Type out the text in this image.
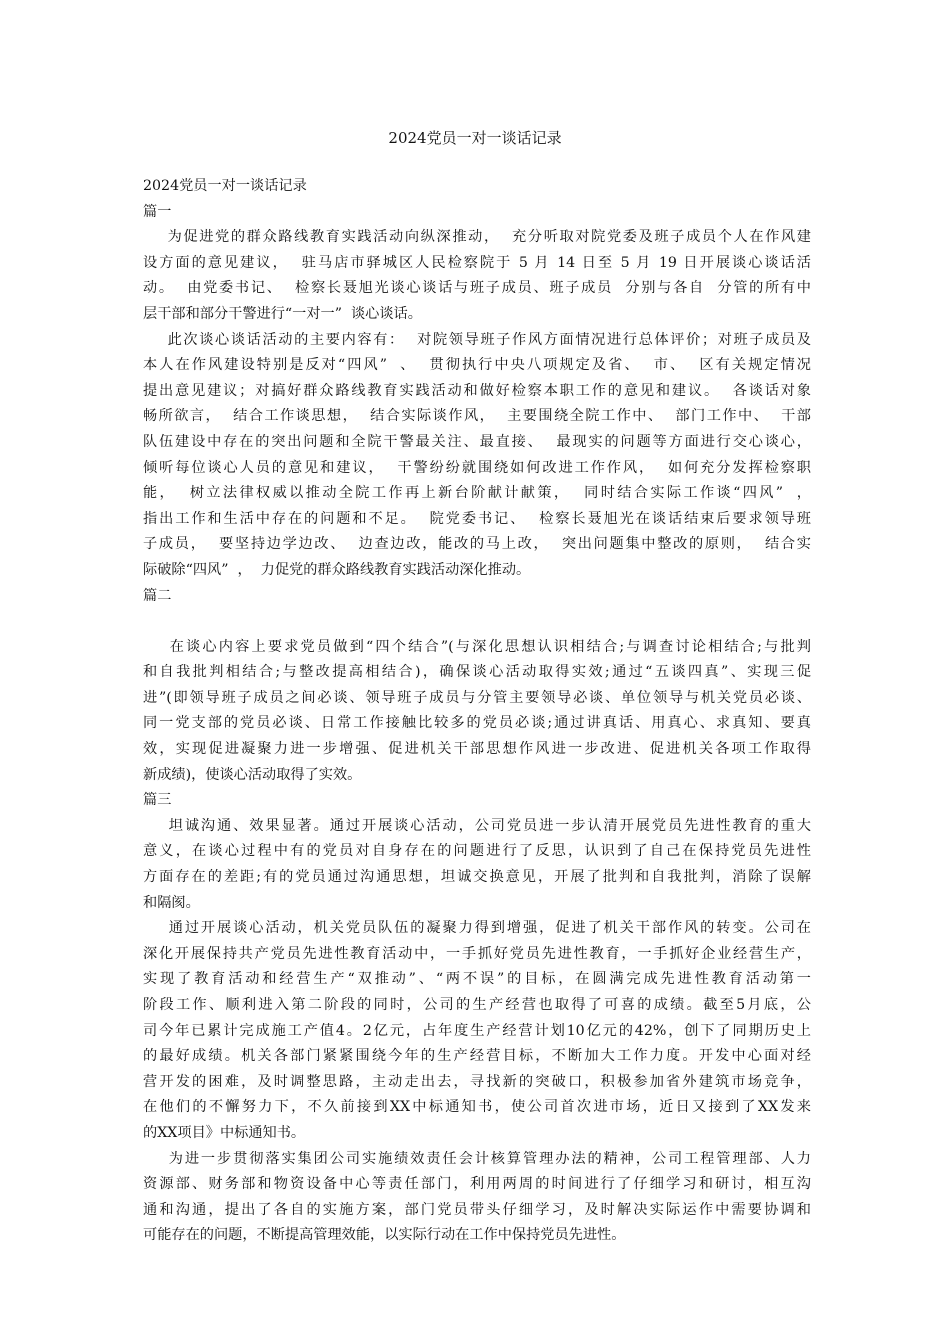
2024党员一对一谈话记录
2024党员一对一谈话记录
篇一
为促进党的群众路线教育实践活动向纵深推动，  充分听取对院党委及班子成员个人在作风建
设方面的意见建议，  驻马店市驿城区人民检察院于 5 月 14 日至 5 月 19 日开展谈心谈话活
动。  由党委书记、  检察长聂旭光谈心谈话与班子成员、班子成员  分别与各自  分管的所有中
层干部和部分干警进行“一对一”  谈心谈话。
此次谈心谈话活动的主要内容有：  对院领导班子作风方面情况进行总体评价；对班子成员及
本人在作风建设特别是反对“四风”  、  贯彻执行中央八项规定及省、  市、  区有关规定情况
提出意见建议；对搞好群众路线教育实践活动和做好检察本职工作的意见和建议。  各谈话对象
畅所欲言，  结合工作谈思想，  结合实际谈作风，  主要围绕全院工作中、  部门工作中、  干部
队伍建设中存在的突出问题和全院干警最关注、最直接、  最现实的问题等方面进行交心谈心，
倾听每位谈心人员的意见和建议，  干警纷纷就围绕如何改进工作作风，  如何充分发挥检察职
能，  树立法律权威以推动全院工作再上新台阶献计献策，  同时结合实际工作谈“四风”  ，
指出工作和生活中存在的问题和不足。  院党委书记、  检察长聂旭光在谈话结束后要求领导班
子成员，  要坚持边学边改、  边查边改，能改的马上改，  突出问题集中整改的原则，  结合实
际破除“四风”  ，  力促党的群众路线教育实践活动深化推动。
篇二
在谈心内容上要求党员做到“四个结合”(与深化思想认识相结合;与调查讨论相结合;与批判
和自我批判相结合;与整改提高相结合)，确保谈心活动取得实效;通过“五谈四真”、实现三促
进”(即领导班子成员之间必谈、领导班子成员与分管主要领导必谈、单位领导与机关党员必谈、
同一党支部的党员必谈、日常工作接触比较多的党员必谈;通过讲真话、用真心、求真知、要真
效，实现促进凝聚力进一步增强、促进机关干部思想作风进一步改进、促进机关各项工作取得
新成绩)，使谈心活动取得了实效。
篇三
坦诚沟通、效果显著。通过开展谈心活动，公司党员进一步认清开展党员先进性教育的重大
意义，在谈心过程中有的党员对自身存在的问题进行了反思，认识到了自己在保持党员先进性
方面存在的差距;有的党员通过沟通思想，坦诚交换意见，开展了批判和自我批判，消除了误解
和隔阂。
通过开展谈心活动，机关党员队伍的凝聚力得到增强，促进了机关干部作风的转变。公司在
深化开展保持共产党员先进性教育活动中，一手抓好党员先进性教育，一手抓好企业经营生产，
实现了教育活动和经营生产“双推动”、“两不误”的目标，在圆满完成先进性教育活动第一
阶段工作、顺利进入第二阶段的同时，公司的生产经营也取得了可喜的成绩。截至5月底，公
司今年已累计完成施工产值4。2亿元，占年度生产经营计划10亿元的42%，创下了同期历史上
的最好成绩。机关各部门紧紧围绕今年的生产经营目标，不断加大工作力度。开发中心面对经
营开发的困难，及时调整思路，主动走出去，寻找新的突破口，积极参加省外建筑市场竞争，
在他们的不懈努力下，不久前接到XX中标通知书，使公司首次进市场，近日又接到了XX发来
的XX项目》中标通知书。
为进一步贯彻落实集团公司实施绩效责任会计核算管理办法的精神，公司工程管理部、人力
资源部、财务部和物资设备中心等责任部门，利用两周的时间进行了仔细学习和研讨，相互沟
通和沟通，提出了各自的实施方案，部门党员带头仔细学习，及时解决实际运作中需要协调和
可能存在的问题，不断提高管理效能，以实际行动在工作中保持党员先进性。
